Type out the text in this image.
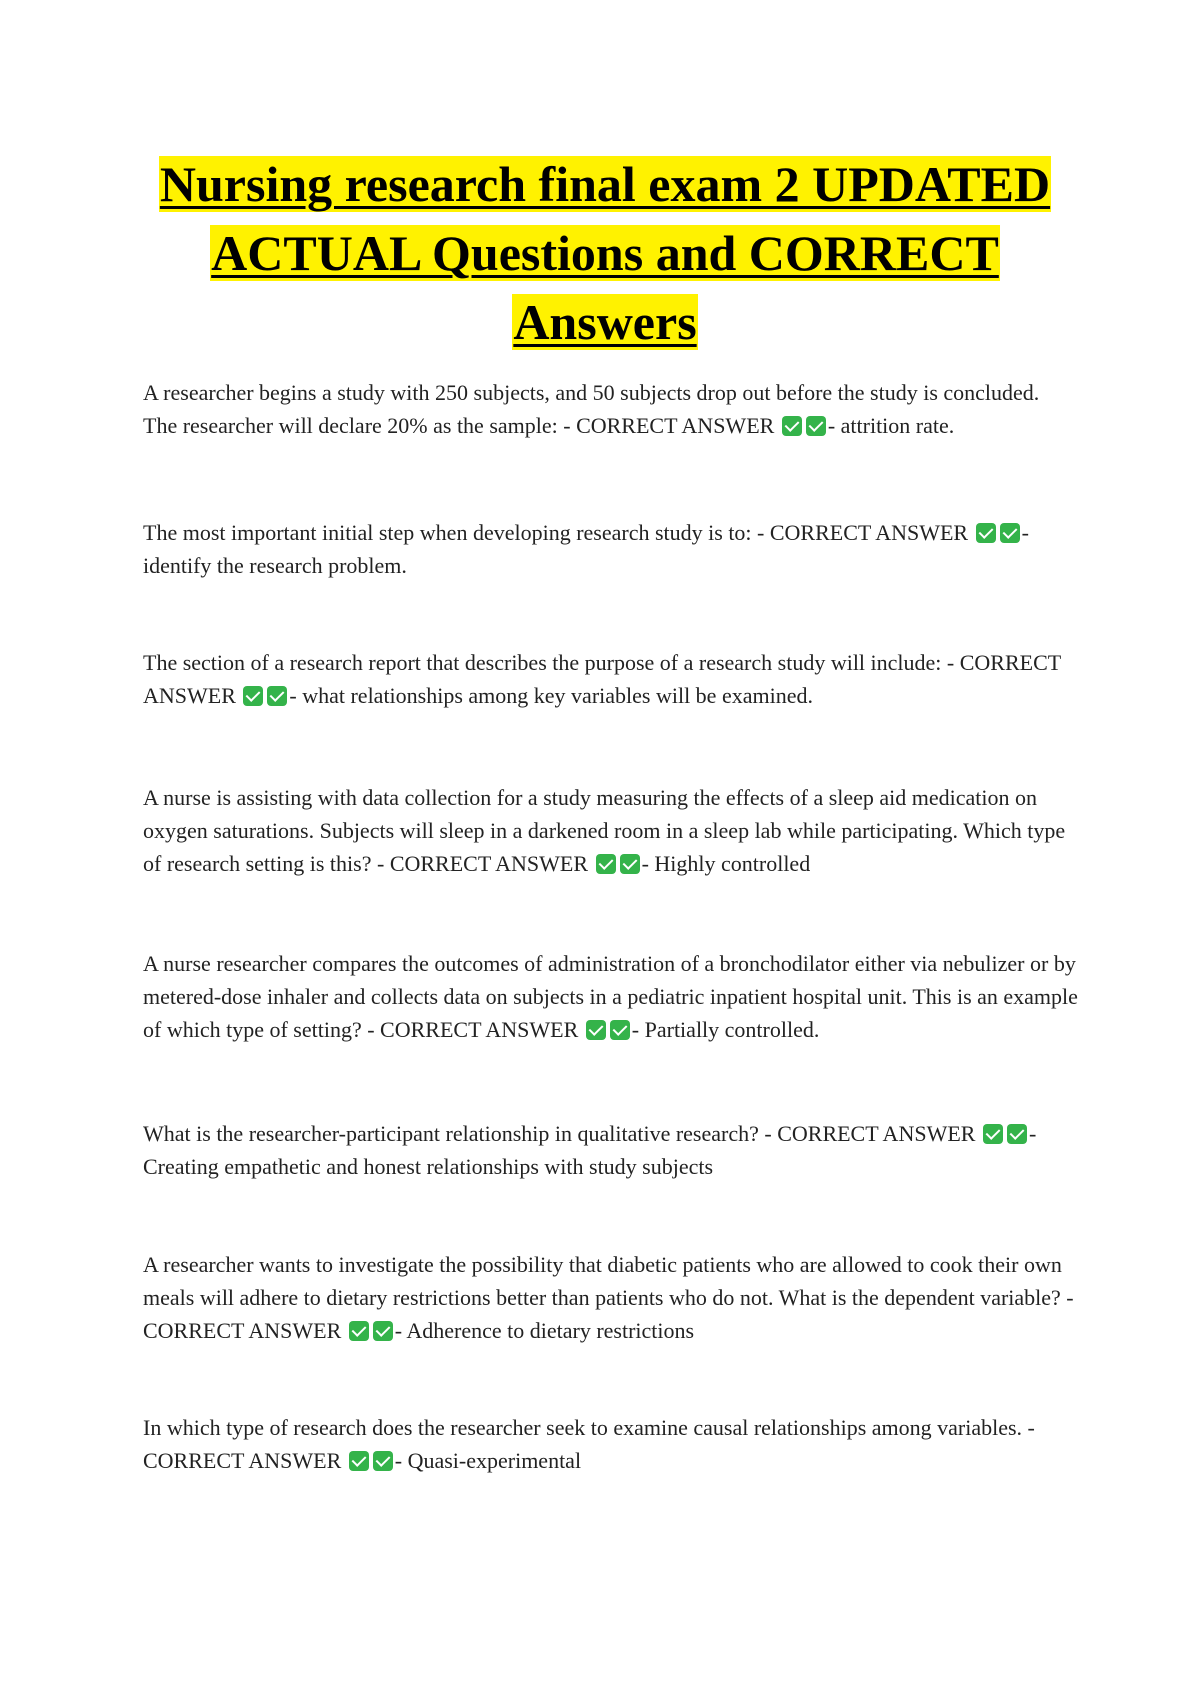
Nursing research final exam 2 UPDATED
ACTUAL Questions and CORRECT
Answers
A researcher begins a study with 250 subjects, and 50 subjects drop out before the study is concluded. The researcher will declare 20% as the sample: - CORRECT ANSWER - attrition rate.
The most important initial step when developing research study is to: - CORRECT ANSWER - identify the research problem.
The section of a research report that describes the purpose of a research study will include: - CORRECT ANSWER - what relationships among key variables will be examined.
A nurse is assisting with data collection for a study measuring the effects of a sleep aid medication on oxygen saturations. Subjects will sleep in a darkened room in a sleep lab while participating. Which type of research setting is this? - CORRECT ANSWER - Highly controlled
A nurse researcher compares the outcomes of administration of a bronchodilator either via nebulizer or by metered-dose inhaler and collects data on subjects in a pediatric inpatient hospital unit. This is an example of which type of setting? - CORRECT ANSWER - Partially controlled.
What is the researcher-participant relationship in qualitative research? - CORRECT ANSWER - Creating empathetic and honest relationships with study subjects
A researcher wants to investigate the possibility that diabetic patients who are allowed to cook their own meals will adhere to dietary restrictions better than patients who do not. What is the dependent variable? - CORRECT ANSWER - Adherence to dietary restrictions
In which type of research does the researcher seek to examine causal relationships among variables. - CORRECT ANSWER - Quasi-experimental
